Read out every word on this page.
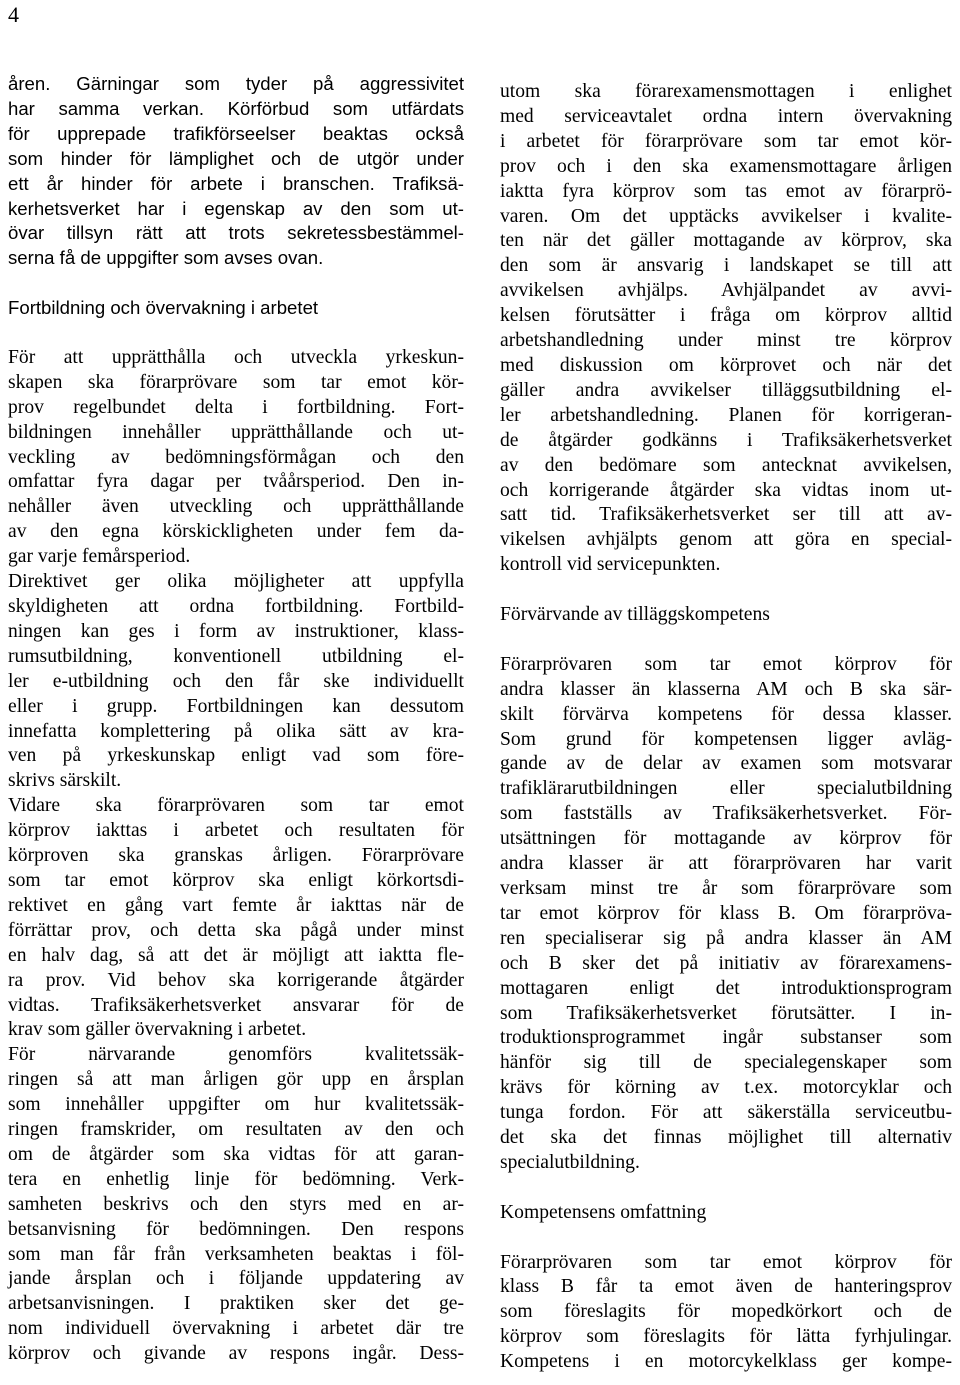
4
åren. Gärningar som tyder på aggressivitet
har samma verkan. Körförbud som utfärdats
för upprepade trafikförseelser beaktas också
som hinder för lämplighet och de utgör under
ett år hinder för arbete i branschen. Trafiksä-
kerhetsverket har i egenskap av den som ut-
övar tillsyn rätt att trots sekretessbestämmel-
serna få de uppgifter som avses ovan.
Fortbildning och övervakning i arbetet
För att upprätthålla och utveckla yrkeskun-
skapen ska förarprövare som tar emot kör-
prov regelbundet delta i fortbildning. Fort-
bildningen innehåller upprätthållande och ut-
veckling av bedömningsförmågan och den
omfattar fyra dagar per tvåårsperiod. Den in-
nehåller även utveckling och upprätthållande
av den egna körskickligheten under fem da-
gar varje femårsperiod.
Direktivet ger olika möjligheter att uppfylla
skyldigheten att ordna fortbildning. Fortbild-
ningen kan ges i form av instruktioner, klass-
rumsutbildning, konventionell utbildning el-
ler e-utbildning och den får ske individuellt
eller i grupp. Fortbildningen kan dessutom
innefatta komplettering på olika sätt av kra-
ven på yrkeskunskap enligt vad som före-
skrivs särskilt.
Vidare ska förarprövaren som tar emot
körprov iakttas i arbetet och resultaten för
körproven ska granskas årligen. Förarprövare
som tar emot körprov ska enligt körkortsdi-
rektivet en gång vart femte år iakttas när de
förrättar prov, och detta ska pågå under minst
en halv dag, så att det är möjligt att iaktta fle-
ra prov. Vid behov ska korrigerande åtgärder
vidtas. Trafiksäkerhetsverket ansvarar för de
krav som gäller övervakning i arbetet.
För närvarande genomförs kvalitetssäk-
ringen så att man årligen gör upp en årsplan
som innehåller uppgifter om hur kvalitetssäk-
ringen framskrider, om resultaten av den och
om de åtgärder som ska vidtas för att garan-
tera en enhetlig linje för bedömning. Verk-
samheten beskrivs och den styrs med en ar-
betsanvisning för bedömningen. Den respons
som man får från verksamheten beaktas i föl-
jande årsplan och i följande uppdatering av
arbetsanvisningen. I praktiken sker det ge-
nom individuell övervakning i arbetet där tre
körprov och givande av respons ingår. Dess-
utom ska förarexamensmottagen i enlighet
med serviceavtalet ordna intern övervakning
i arbetet för förarprövare som tar emot kör-
prov och i den ska examensmottagare årligen
iaktta fyra körprov som tas emot av förarprö-
varen. Om det upptäcks avvikelser i kvalite-
ten när det gäller mottagande av körprov, ska
den som är ansvarig i landskapet se till att
avvikelsen avhjälps. Avhjälpandet av avvi-
kelsen förutsätter i fråga om körprov alltid
arbetshandledning under minst tre körprov
med diskussion om körprovet och när det
gäller andra avvikelser tilläggsutbildning el-
ler arbetshandledning. Planen för korrigeran-
de åtgärder godkänns i Trafiksäkerhetsverket
av den bedömare som antecknat avvikelsen,
och korrigerande åtgärder ska vidtas inom ut-
satt tid. Trafiksäkerhetsverket ser till att av-
vikelsen avhjälpts genom att göra en special-
kontroll vid servicepunkten.
Förvärvande av tilläggskompetens
Förarprövaren som tar emot körprov för
andra klasser än klasserna AM och B ska sär-
skilt förvärva kompetens för dessa klasser.
Som grund för kompetensen ligger avläg-
gande av de delar av examen som motsvarar
trafiklärarutbildningen eller specialutbildning
som fastställs av Trafiksäkerhetsverket. För-
utsättningen för mottagande av körprov för
andra klasser är att förarprövaren har varit
verksam minst tre år som förarprövare som
tar emot körprov för klass B. Om förarpröva-
ren specialiserar sig på andra klasser än AM
och B sker det på initiativ av förarexamens-
mottagaren enligt det introduktionsprogram
som Trafiksäkerhetsverket förutsätter. I in-
troduktionsprogrammet ingår substanser som
hänför sig till de specialegenskaper som
krävs för körning av t.ex. motorcyklar och
tunga fordon. För att säkerställa serviceutbu-
det ska det finnas möjlighet till alternativ
specialutbildning.
Kompetensens omfattning
Förarprövaren som tar emot körprov för
klass B får ta emot även de hanteringsprov
som föreslagits för mopedkörkort och de
körprov som föreslagits för lätta fyrhjulingar.
Kompetens i en motorcykelklass ger kompe-
